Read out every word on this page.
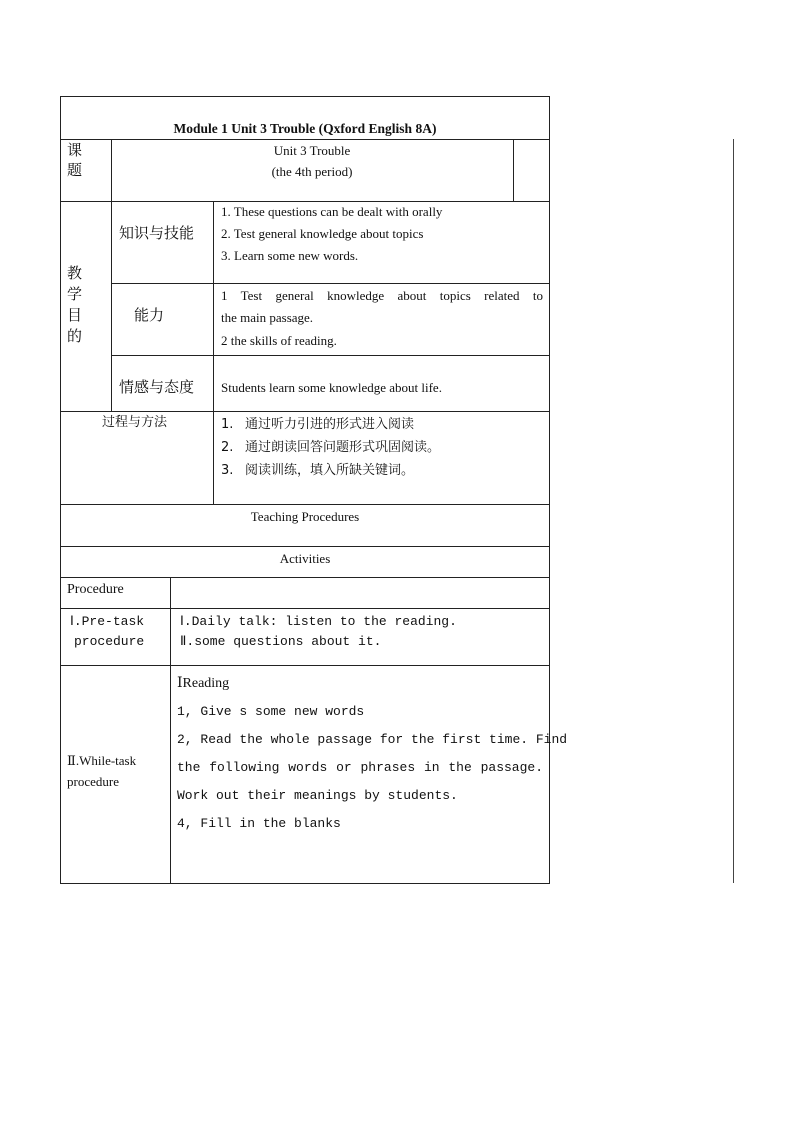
Module 1 Unit 3 Trouble (Qxford English 8A)
课
题
Unit 3 Trouble
(the 4th period)
教
学
目
的
知识与技能
1. These questions can be dealt with orally
2. Test general knowledge about topics
3. Learn some new words.
能力
1 Test general knowledge about topics related to
the main passage.
2 the skills of reading.
情感与态度 Students learn some knowledge about life.
过程与方法	1. 通过听力引进的形式进入阅读
2. 通过朗读回答问题形式巩固阅读。
3. 阅读训练，填入所缺关键词。
Teaching Procedures
Activities
Procedure
Ⅰ.Pre-task
procedure
Ⅰ.Daily talk: listen to the reading.
Ⅱ.some questions about it.
Ⅱ.While-task
procedure
ⅠReading
1, Give s some new words
2, Read the whole passage for the first time. Find
the following words or phrases in the passage.
Work out their meanings by students.
4, Fill in the blanks
